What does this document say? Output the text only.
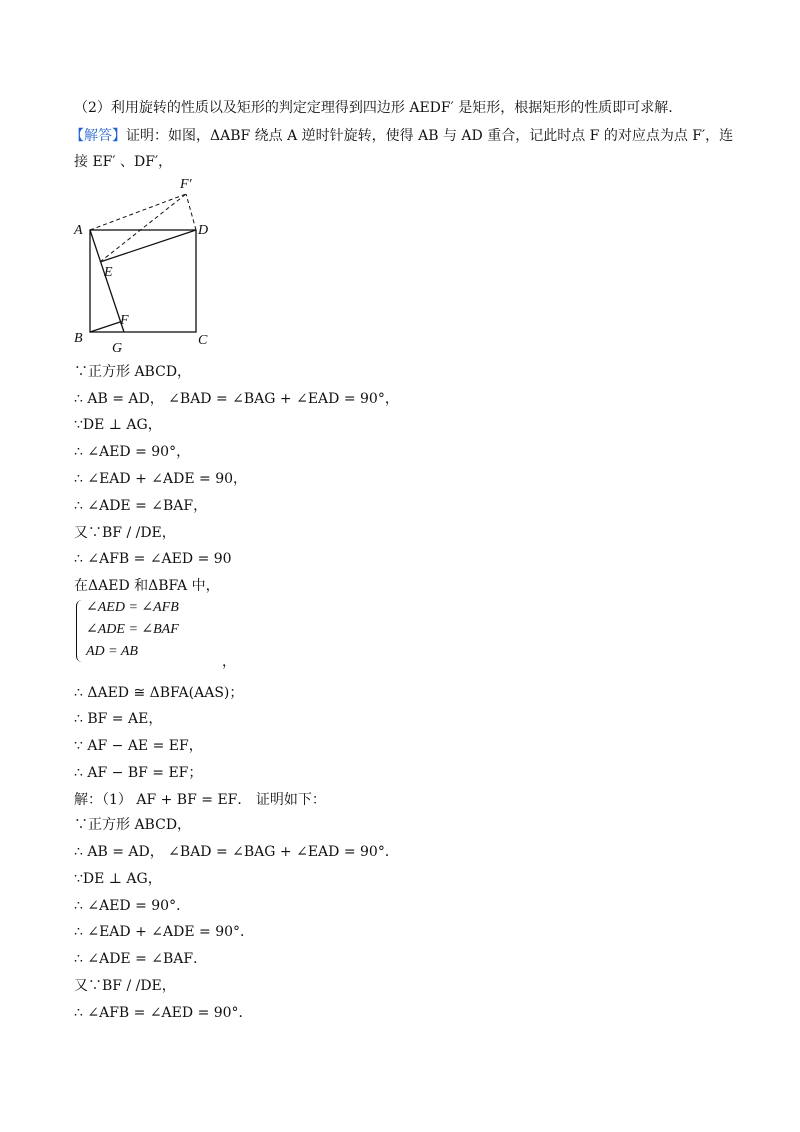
（2）利用旋转的性质以及矩形的判定定理得到四边形 AEDF′ 是矩形，根据矩形的性质即可求解.
【解答】证明：如图，ΔABF 绕点 A 逆时针旋转，使得 AB 与 AD 重合，记此时点 F 的对应点为点 F′，连
接 EF′ 、DF′，
A
B	C
D
E
F
G
F′
∵正方形 ABCD，
∴ AB = AD， ∠BAD = ∠BAG + ∠EAD = 90°，
∵DE ⊥ AG，
∴ ∠AED = 90°，
∴ ∠EAD + ∠ADE = 90，
∴ ∠ADE = ∠BAF，
又∵BF / /DE，
∴ ∠AFB = ∠AED = 90
在ΔAED 和ΔBFA 中，
∠AED = ∠AFB
∠ADE = ∠BAF
AD = AB
，
∴ ΔAED ≅ ΔBFA(AAS)；
∴ BF = AE，
∵ AF − AE = EF，
∴ AF − BF = EF；
解：（1） AF + BF = EF． 证明如下：
∵正方形 ABCD，
∴ AB = AD， ∠BAD = ∠BAG + ∠EAD = 90°．
∵DE ⊥ AG，
∴ ∠AED = 90°．
∴ ∠EAD + ∠ADE = 90°．
∴ ∠ADE = ∠BAF．
又∵BF / /DE，
∴ ∠AFB = ∠AED = 90°．
